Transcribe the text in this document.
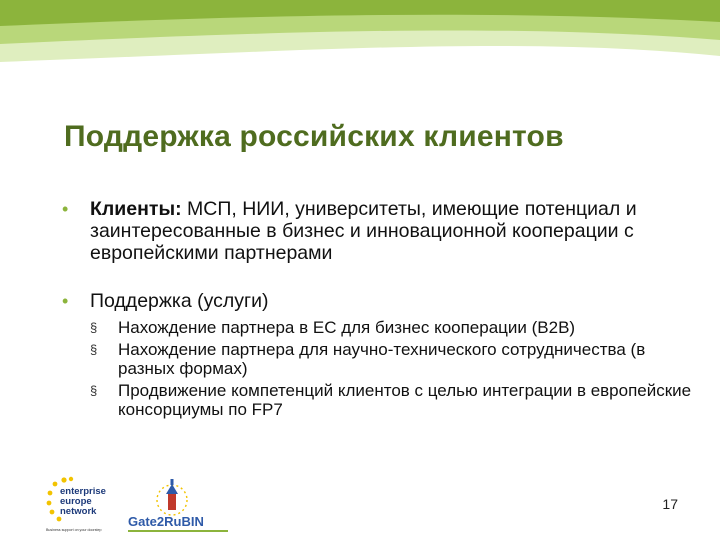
Поддержка российских клиентов
• Клиенты: МСП, НИИ, университеты, имеющие потенциал и заинтересованные в бизнес и инновационной кооперации с европейскими партнерами
• Поддержка (услуги)
§ Нахождение партнера в ЕС для бизнес кооперации (B2B)
§ Нахождение партнера для научно-технического сотрудничества (в разных формах)
§ Продвижение компетенций клиентов с целью интеграции в европейские консорциумы по FP7
enterprise
europe
network
Business support on your doorstep
Gate2RuBIN
17
